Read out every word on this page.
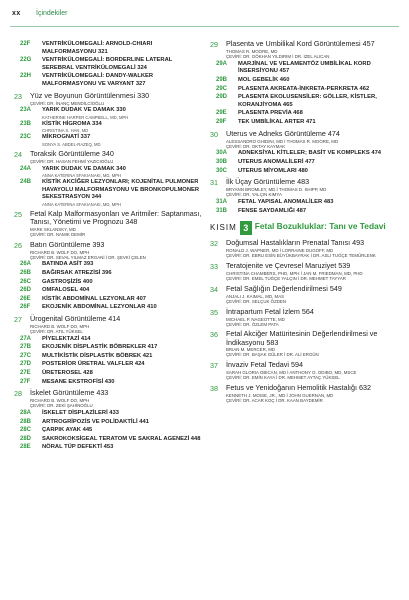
xx İçindekiler
22F	VENTRİKÜLOMEGALİ: ARNOLD-CHIARI MALFORMASYONU 321
22G	VENTRİKÜLOMEGALİ: BORDERLINE LATERAL SEREBRAL VENTRİKÜLOMEGALİ 324
22H	VENTRİKÜLOMEGALİ: DANDY-WALKER MALFORMASYONU VE VARYANT 327
23	Yüz ve Boyunun Görüntülenmesi 330
ÇEVİRİ: DR. İNANÇ MENDİLCİOĞLU
23A	YARIK DUDAK VE DAMAK 330
KATHERINE HARPER CAMPBELL, MD, MPH
23B	KİSTİK HİGROMA 334
CHRISTINA S. HAN, MD
23C	MİKROGNATİ 337
SONYA S. ABDEL-RAZEQ, MD
24	Toraksik Görüntüleme 340
ÇEVİRİ: DR. HASAN FEHMİ YAZICIOĞLU
24A	YARIK DUDAK VE DAMAK 340
ANNA KATERINA SFAKIANAKI, MD, MPH
24B	KİSTİK AKCİĞER LEZYONLARI; KOJENİTAL PULMONER HAVAYOLU MALFORMASYONU VE BRONKOPULMONER SEKESTRASYON 344
ANNA KATERINA SFAKIANAKI, MD, MPH
25	Fetal Kalp Malformasyonları ve Aritmiler: Saptanması, Tanısı, Yönetimi ve Prognozu 348
MARK SKLANSKY, MD
ÇEVİRİ: DR. NAMIK DEMİR
26	Batın Görüntüleme 393
RICHARD B. WOLF DO, MPH
ÇEVİRİ: DR. SEVAL YILMAZ ERGANİ İ DR. ŞEVKİ ÇELEN
26A	BATINDA ASİT 393
26B	BAĞIRSAK ATREZİSİ 396
26C	GASTROŞİZİS 400
26D	OMFALOSEL 404
26E	KİSTİK ABDOMİNAL LEZYONLAR 407
26F	EKOJENİK ABDOMİNAL LEZYONLAR 410
27	Ürogenital Görüntüleme 414
RICHARD B. WOLF DO, MPH
ÇEVİRİ: DR. ATIL YÜKSEL
27A	PİYELEKTAZİ 414
27B	EKOJENİK DİSPLASTİK BÖBREKLER 417
27C	MULTİKİSTİK DİSPLASTİK BÖBREK 421
27D	POSTERİOR ÜRETRAL VALFLER 424
27E	ÜRETEROSEL 428
27F	MESANE EKSTROFİSİ 430
28	İskelet Görüntüleme 433
RICHARD B. WOLF DO, MPH
ÇEVİRİ: DR. ZEKİ ŞAHİNOĞLU
28A	İSKELET DİSPLAZİLERİ 433
28B	ARTROGRİPOZİS VE POLİDAKTİLİ 441
28C	ÇARPIK AYAK 445
28D	SAKROKOKSİGEAL TERATOM VE SAKRAL AGENEZİ 448
28E	NÖRAL TÜP DEFEKTİ 453
29	Plasenta ve Umbilikal Kord Görüntülemesi 457
THOMAS R. MOORE, MD
ÇEVİRİ: DR. GÖKHAN YILDIRIM İ DR. İZEL ALICAN
29A	MARJİNAL VE VELAMENTÖZ UMBİLİKAL KORD İNSERSİYONU 457
29B	MOL GEBELİK 460
29C	PLASENTA AKREATA-İNKRETA-PERKRETA 462
29D	PLASENTA EKOLUSENSİLER: GÖLLER, KİSTLER, KORANJİYOMA 465
29E	PLASENTA PREVİA 468
29F	TEK UMBİLİKAL ARTER 471
30	Uterus ve Adneks Görüntüleme 474
ALESSANDRO GHIDINI, MD İ THOMAS R. MOORE, MD
ÇEVİRİ: DR. OKTAY KAYMAK
30A	ADNEKSİYAL KİTLELER; BASİT VE KOMPLEKS 474
30B	UTERUS ANOMALİLERİ 477
30C	UTERUS MİYOMLARI 480
31	İlk Üçay Görüntüleme 483
BRYANN BROMLEY, MD İ THOMAS D. SHIPP, MD
ÇEVİRİ: DR. YALÇIN KIMYA
31A	FETAL YAPISAL ANOMALİLER 483
31B	FENSE SAYDAMLIĞI 487
KISIM 3 Fetal Bozukluklar: Tanı ve Tedavi
32	Doğumsal Hastalıkların Prenatal Tanısı 493
RONALD J. WAPNER, MD İ LORRAINE DUGOFF, MD
ÇEVİRİ: DR. EBRU ESİN BÜYÜKBAYRAK İ DR. ASLI TUĞÇE TEMÜRLENK
33	Teratojenite ve Çevresel Maruziyet 539
CHRISTINA CHAMBERS, PHD, MPH İ JAN M. FRIEDMAN, MD, PHD
ÇEVİRİ: DR. EMEL TUĞÇE YALÇIN İ DR. MEHMET TAYYAR
34	Fetal Sağlığın Değerlendirilmesi 549
ANJALI J. KAIMAL, MD, MAS
ÇEVİRİ: DR. SELÇUK ÖZDEN
35	İntrapartum Fetal İzlem 564
MICHAEL P. NAGEOTTE, MD
ÇEVİRİ: DR. ÖZLEM PATA
36	Fetal Akciğer Matüritesinin Değerlendirilmesi ve İndikasyonu 583
BRIAN M. MERCER, MD
ÇEVİRİ: DR. BAŞAK GÜLER İ DR. ALİ ERGÜN
37	İnvaziv Fetal Tedavi 594
SARAH GLORIA OBICAN, MD İ ANTHONY O. ODIBO, MD, MSCE
ÇEVİRİ: DR. EMİN KAYA İ DR. MEHMET AYTAÇ YÜKSEL
38	Fetus ve Yenidoğanın Hemolitik Hastalığı 632
KENNETH J. MOISE, JR., MD İ JOHN GUERNAN, MD
ÇEVİRİ: DR. ACAR KOÇ İ DR. KAAN BAYDEMİR
